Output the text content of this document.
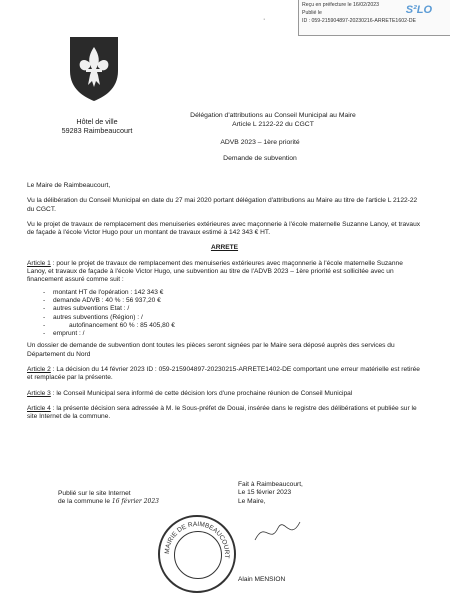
Reçu en préfecture le 16/02/2023
Publié le
ID : 059-215904897-20230216-ARRETE1602-DE
S²LO
·
Hôtel de ville
59283 Raimbeaucourt
Délégation d'attributions au Conseil Municipal au Maire
Article L 2122-22 du CGCT
ADVB 2023 – 1ère priorité
Demande de subvention
Le Maire de Raimbeaucourt,
Vu la délibération du Conseil Municipal en date du 27 mai 2020 portant délégation d'attributions au Maire au titre de l'article L 2122-22 du CGCT.
Vu le projet de travaux de remplacement des menuiseries extérieures avec maçonnerie à l'école maternelle Suzanne Lanoy, et travaux de façade à l'école Victor Hugo pour un montant de travaux estimé à 142 343 € HT.
ARRETE
Article 1 : pour le projet de travaux de remplacement des menuiseries extérieures avec maçonnerie à l'école maternelle Suzanne Lanoy, et travaux de façade à l'école Victor Hugo, une subvention au titre de l'ADVB 2023 – 1ère priorité est sollicitée avec un financement assuré comme suit :
- montant HT de l'opération : 142 343 €
- demande ADVB : 40 % : 56 937,20 €
- autres subventions Etat : /
- autres subventions (Région) : /
- autofinancement 60 % : 85 405,80 €
- emprunt : /
Un dossier de demande de subvention dont toutes les pièces seront signées par le Maire sera déposé auprès des services du Département du Nord
Article 2 : La décision du 14 février 2023 ID : 059-215904897-20230215-ARRETE1402-DE comportant une erreur matérielle est retirée et remplacée par la présente.
Article 3 : le Conseil Municipal sera informé de cette décision lors d'une prochaine réunion de Conseil Municipal
Article 4 : la présente décision sera adressée à M. le Sous-préfet de Douai, insérée dans le registre des délibérations et publiée sur le site Internet de la commune.
Publié sur le site Internet
de la commune le 16 février 2023
Fait à Raimbeaucourt,
Le 15 février 2023
Le Maire,
Alain MENSION
MAIRIE DE RAIMBEAUCOURT
